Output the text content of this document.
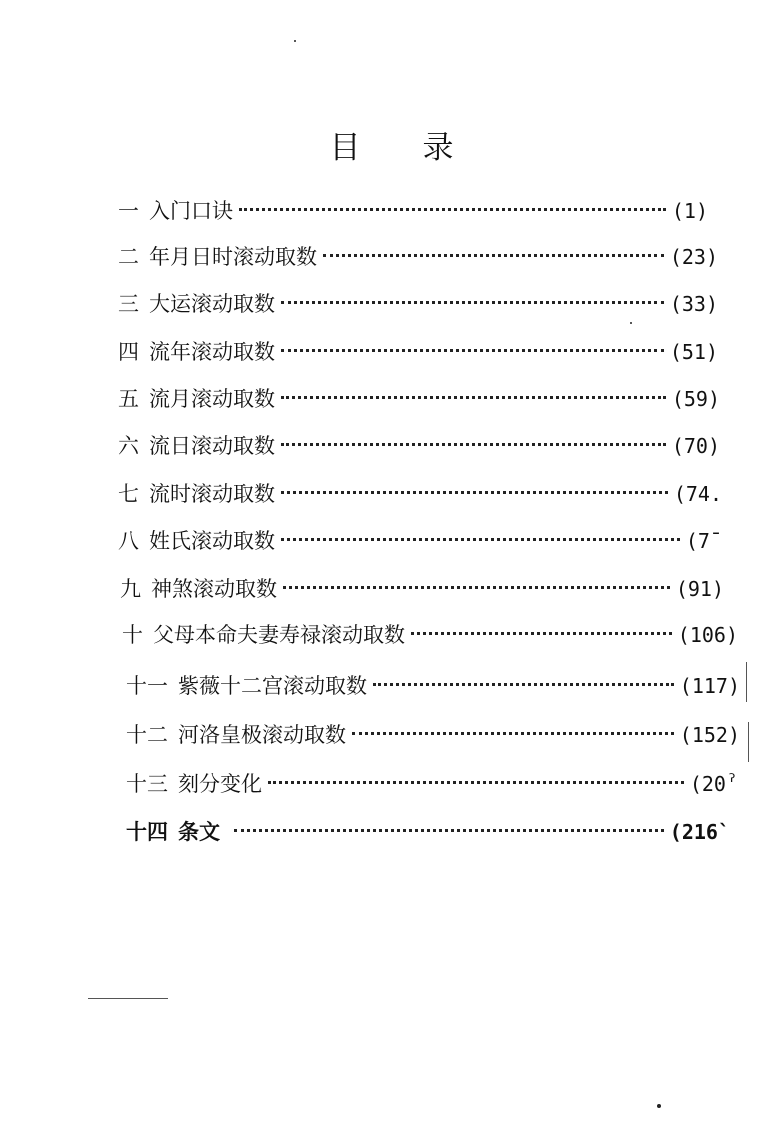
目 录
一 入门口诀	(1)
二 年月日时滚动取数	(23)
三 大运滚动取数	(33)
四 流年滚动取数	(51)
五 流月滚动取数	(59)
六 流日滚动取数	(70)
七 流时滚动取数	(74.
八 姓氏滚动取数	(7ˉ
九 神煞滚动取数	(91)
十 父母本命夫妻寿禄滚动取数	(106)
十一 紫薇十二宫滚动取数	(117)
十二 河洛皇极滚动取数	(152)
十三 刻分变化	(20ˀ
十四 条文	(216`
